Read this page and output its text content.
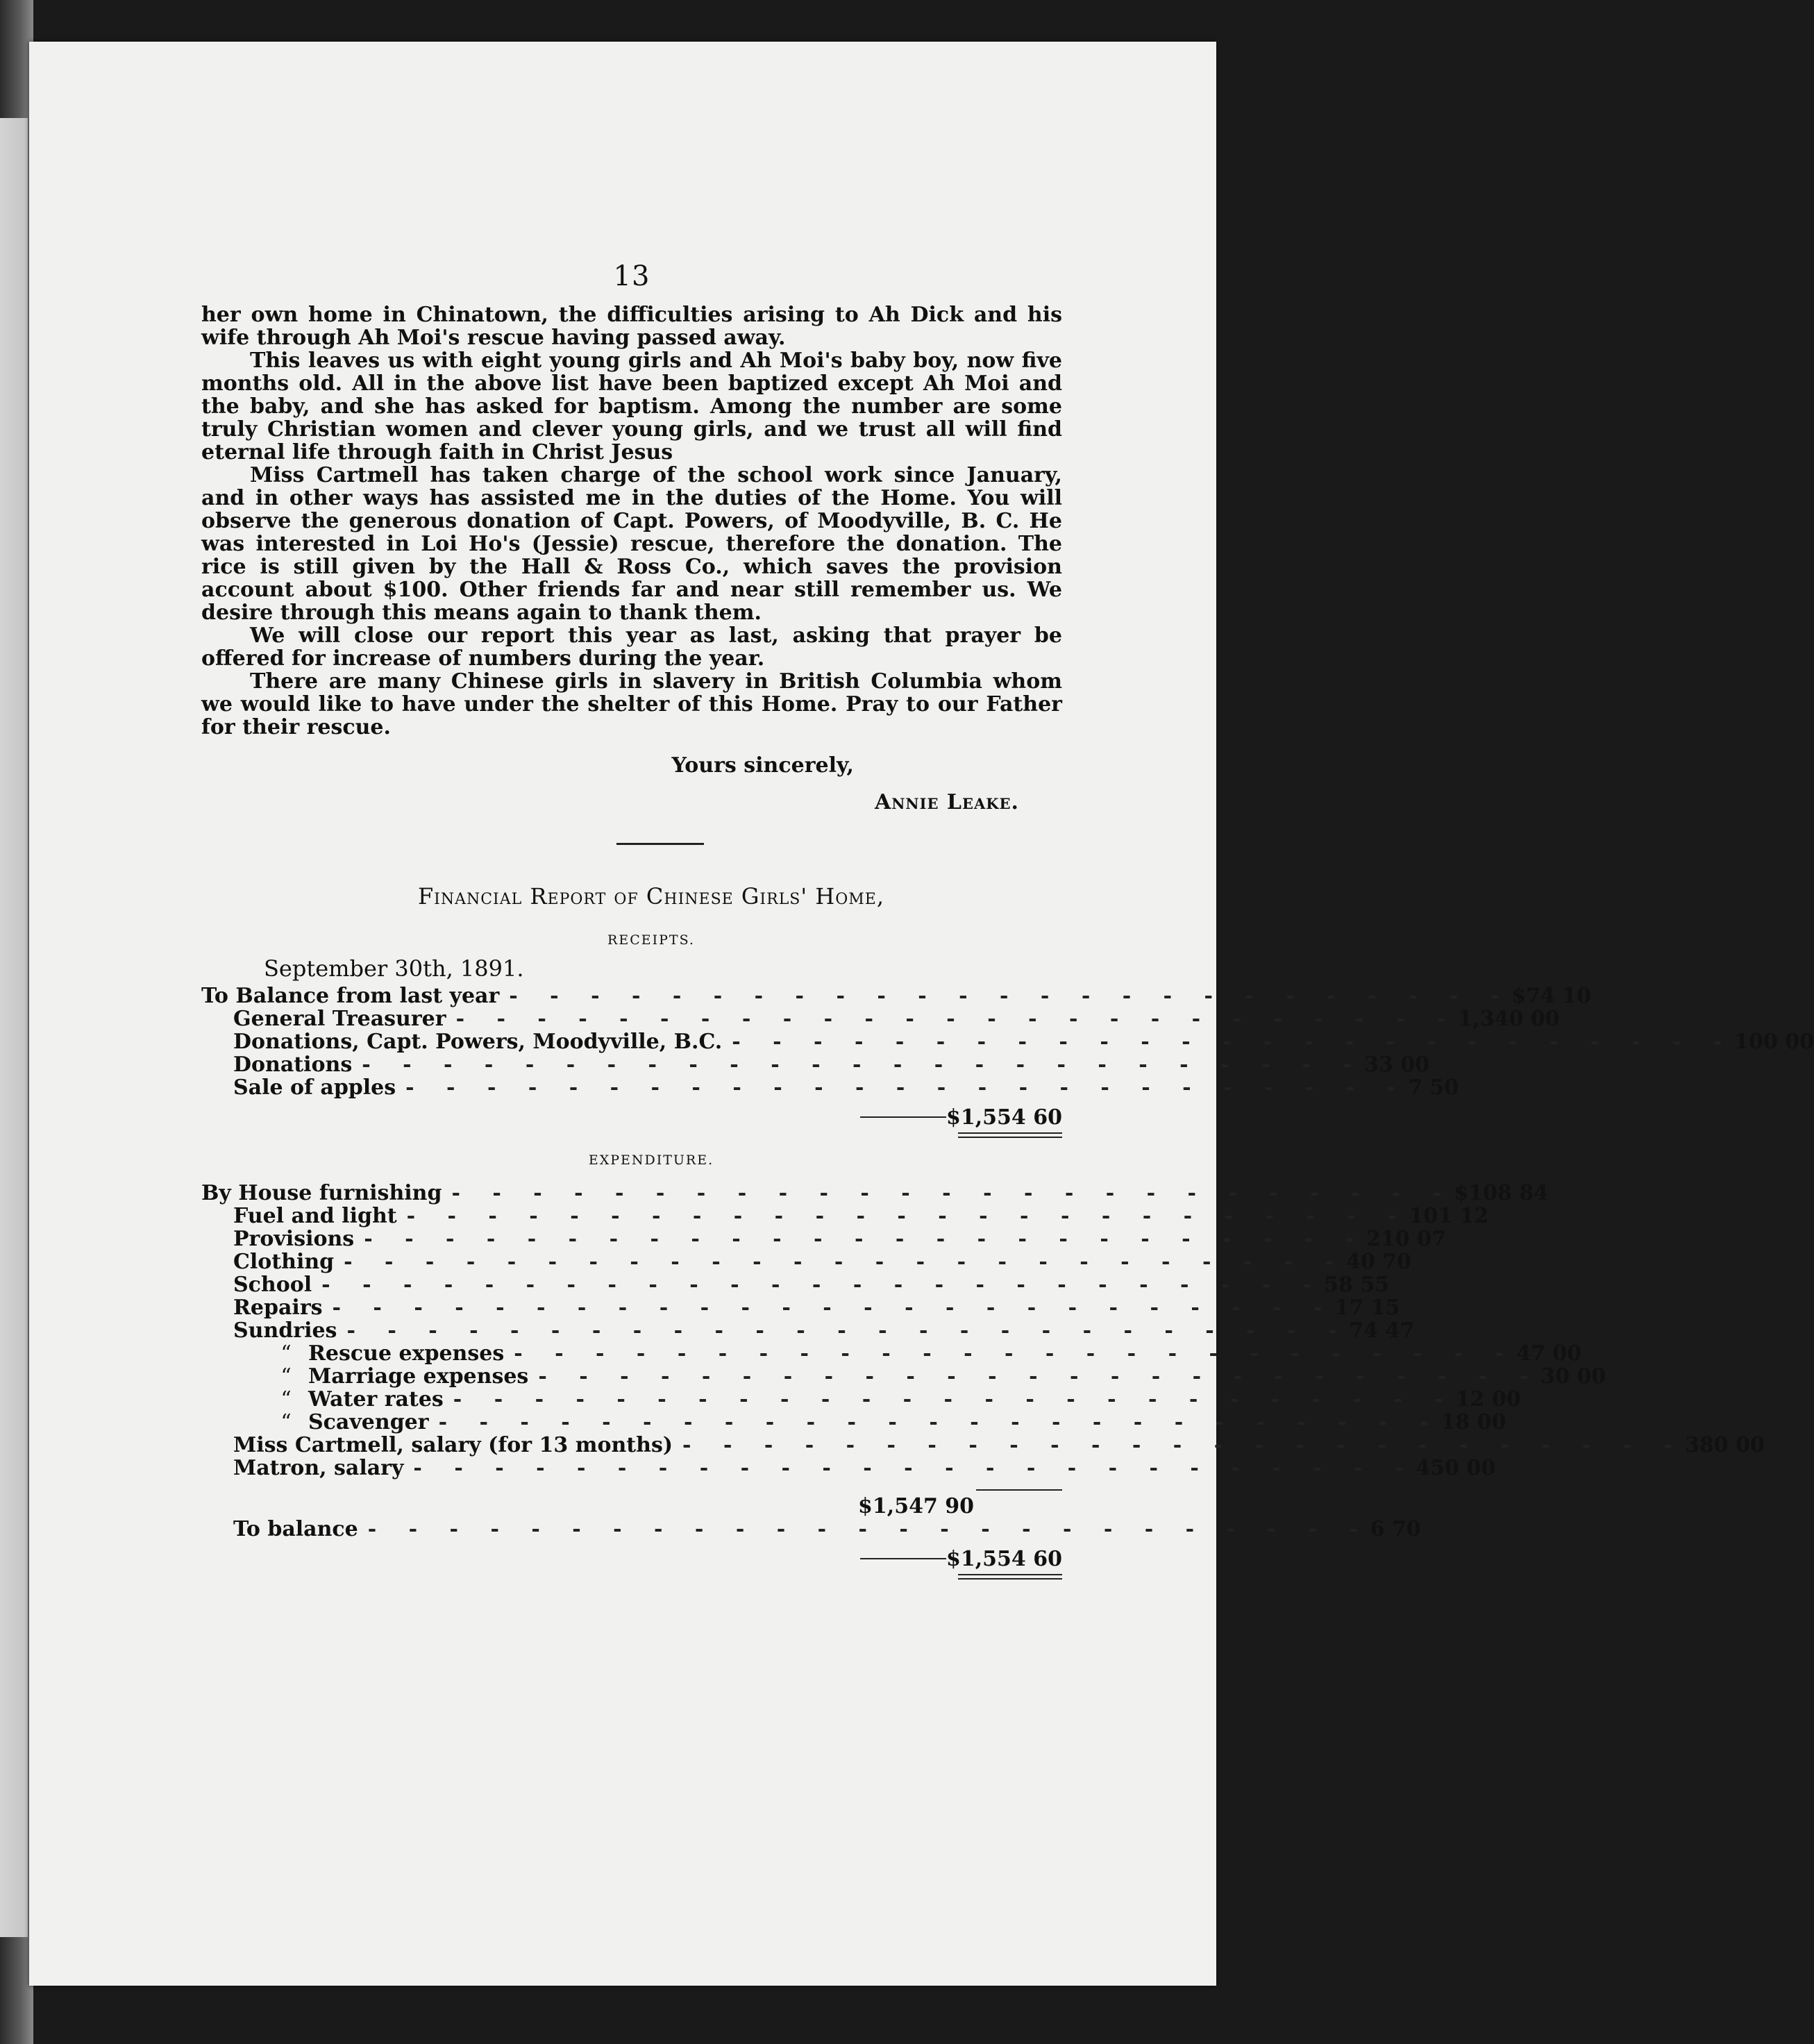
13

her own home in Chinatown, the difficulties arising to Ah Dick and his wife through Ah Moi's rescue having passed away.

This leaves us with eight young girls and Ah Moi's baby boy, now five months old. All in the above list have been baptized except Ah Moi and the baby, and she has asked for baptism. Among the number are some truly Christian women and clever young girls, and we trust all will find eternal life through faith in Christ Jesus

Miss Cartmell has taken charge of the school work since January, and in other ways has assisted me in the duties of the Home. You will observe the generous donation of Capt. Powers, of Moodyville, B. C. He was interested in Loi Ho's (Jessie) rescue, therefore the donation. The rice is still given by the Hall & Ross Co., which saves the provision account about $100. Other friends far and near still remember us. We desire through this means again to thank them.

We will close our report this year as last, asking that prayer be offered for increase of numbers during the year.

There are many Chinese girls in slavery in British Columbia whom we would like to have under the shelter of this Home. Pray to our Father for their rescue.

Yours sincerely,
Annie Leake.
Financial Report of Chinese Girls' Home,
RECEIPTS.
September 30th, 1891.
To Balance from last year - - - - - - - - - - - - - - - - - - - - - - - - - $74 10
General Treasurer - - - - - - - - - - - - - - - - - - - - - - - - - 1,340 00
Donations, Capt. Powers, Moodyville, B.C. - - - - - - - - - - - - - - - - - - - - - - - - - 100 00
Donations - - - - - - - - - - - - - - - - - - - - - - - - - 33 00
Sale of apples - - - - - - - - - - - - - - - - - - - - - - - - - 7 50
$1,554 60
EXPENDITURE.
By House furnishing - - - - - - - - - - - - - - - - - - - - - - - - - $108 84
Fuel and light - - - - - - - - - - - - - - - - - - - - - - - - - 101 12
Provisions - - - - - - - - - - - - - - - - - - - - - - - - - 210 07
Clothing - - - - - - - - - - - - - - - - - - - - - - - - - 40 70
School - - - - - - - - - - - - - - - - - - - - - - - - - 58 55
Repairs - - - - - - - - - - - - - - - - - - - - - - - - - 17 15
Sundries - - - - - - - - - - - - - - - - - - - - - - - - - 74 47
“ Rescue expenses - - - - - - - - - - - - - - - - - - - - - - - - - 47 00
“ Marriage expenses - - - - - - - - - - - - - - - - - - - - - - - - - 30 00
“ Water rates - - - - - - - - - - - - - - - - - - - - - - - - - 12 00
“ Scavenger - - - - - - - - - - - - - - - - - - - - - - - - - 18 00
Miss Cartmell, salary (for 13 months) - - - - - - - - - - - - - - - - - - - - - - - - - 380 00
Matron, salary - - - - - - - - - - - - - - - - - - - - - - - - - 450 00
$1,547 90
To balance - - - - - - - - - - - - - - - - - - - - - - - - - 6 70
$1,554 60
